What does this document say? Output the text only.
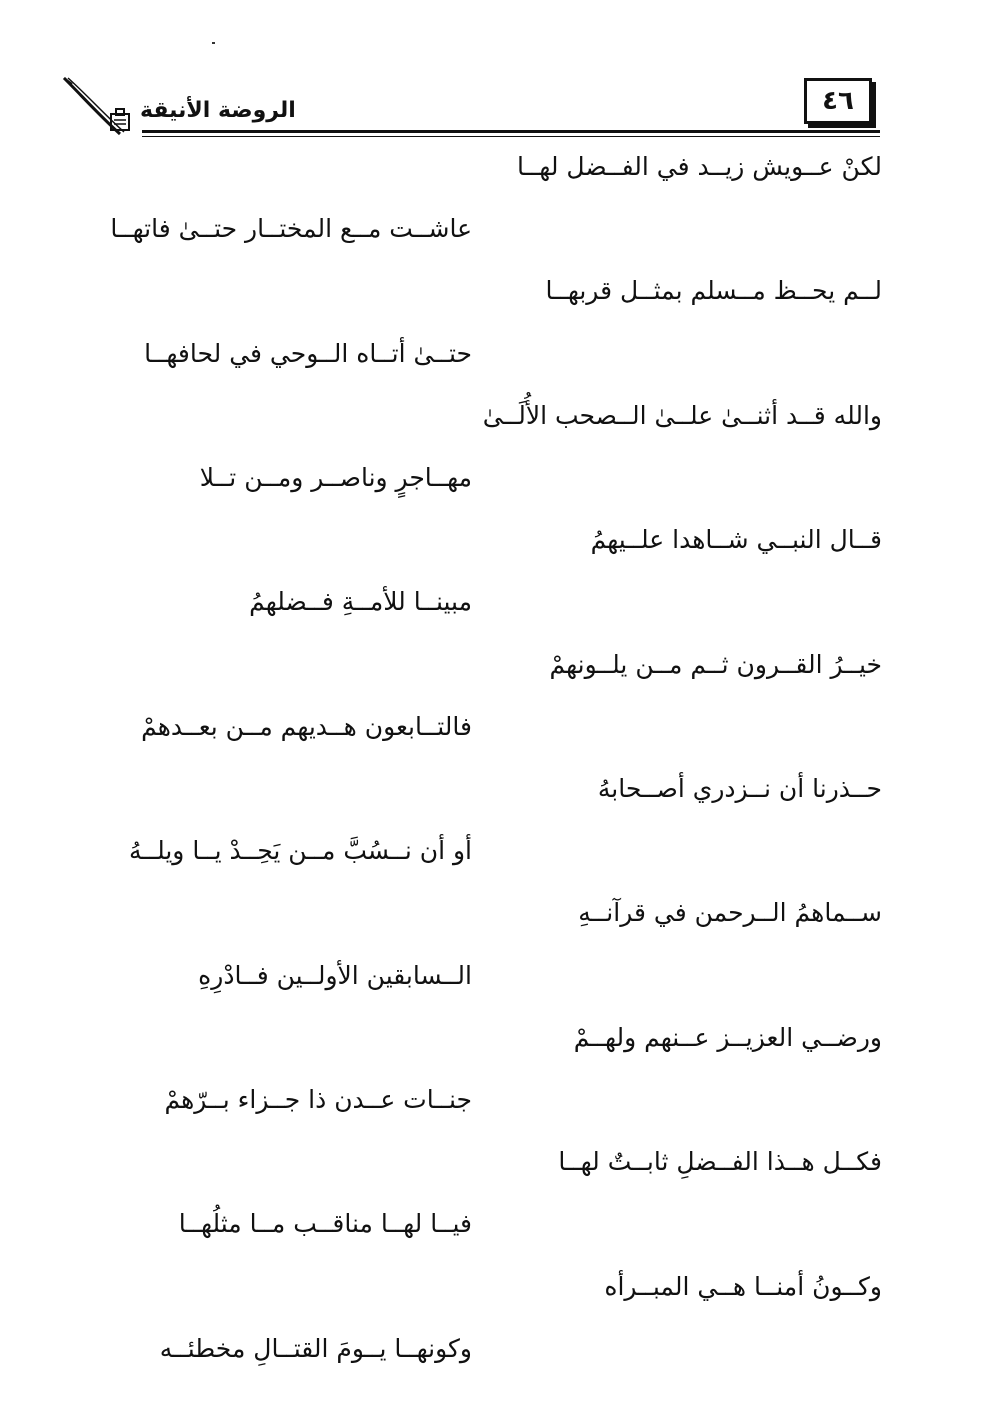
٤٦
الروضة الأنيقة
لكنْ عــويش زيــد في الفــضل لهــا
عاشــت مــع المختــار حتــىٰ فاتهــا
لــم يحــظ مــسلم بمثــل قربهــا
حتــىٰ أتــاه الــوحي في لحافهــا
والله قــد أثنــىٰ علــىٰ الــصحب الأُلَــىٰ
مهــاجرٍ وناصــر ومــن تــلا
قــال النبــي شــاهدا علــيهمُ
مبينــا للأمــةِ فــضلهمُ
خيــرُ القــرون ثــم مــن يلــونهمْ
فالتــابعون هــديهم مــن بعــدهمْ
حــذرنا أن نــزدري أصــحابهُ
أو أن نــسُبَّ مــن يَحِــدْ يــا ويلــهُ
ســماهمُ الــرحمن في قرآنــهِ
الــسابقين الأولــين فــادْرِهِ
ورضــي العزيــز عــنهم ولهــمْ
جنــات عــدن ذا جــزاء بــرّهمْ
فكــل هــذا الفــضلِ ثابــتٌ لهــا
فيــا لهــا مناقــب مــا مثلُهــا
وكــونُ أمنــا هــي المبــرأه
وكونهــا يــومَ القتــالِ مخطئــه
